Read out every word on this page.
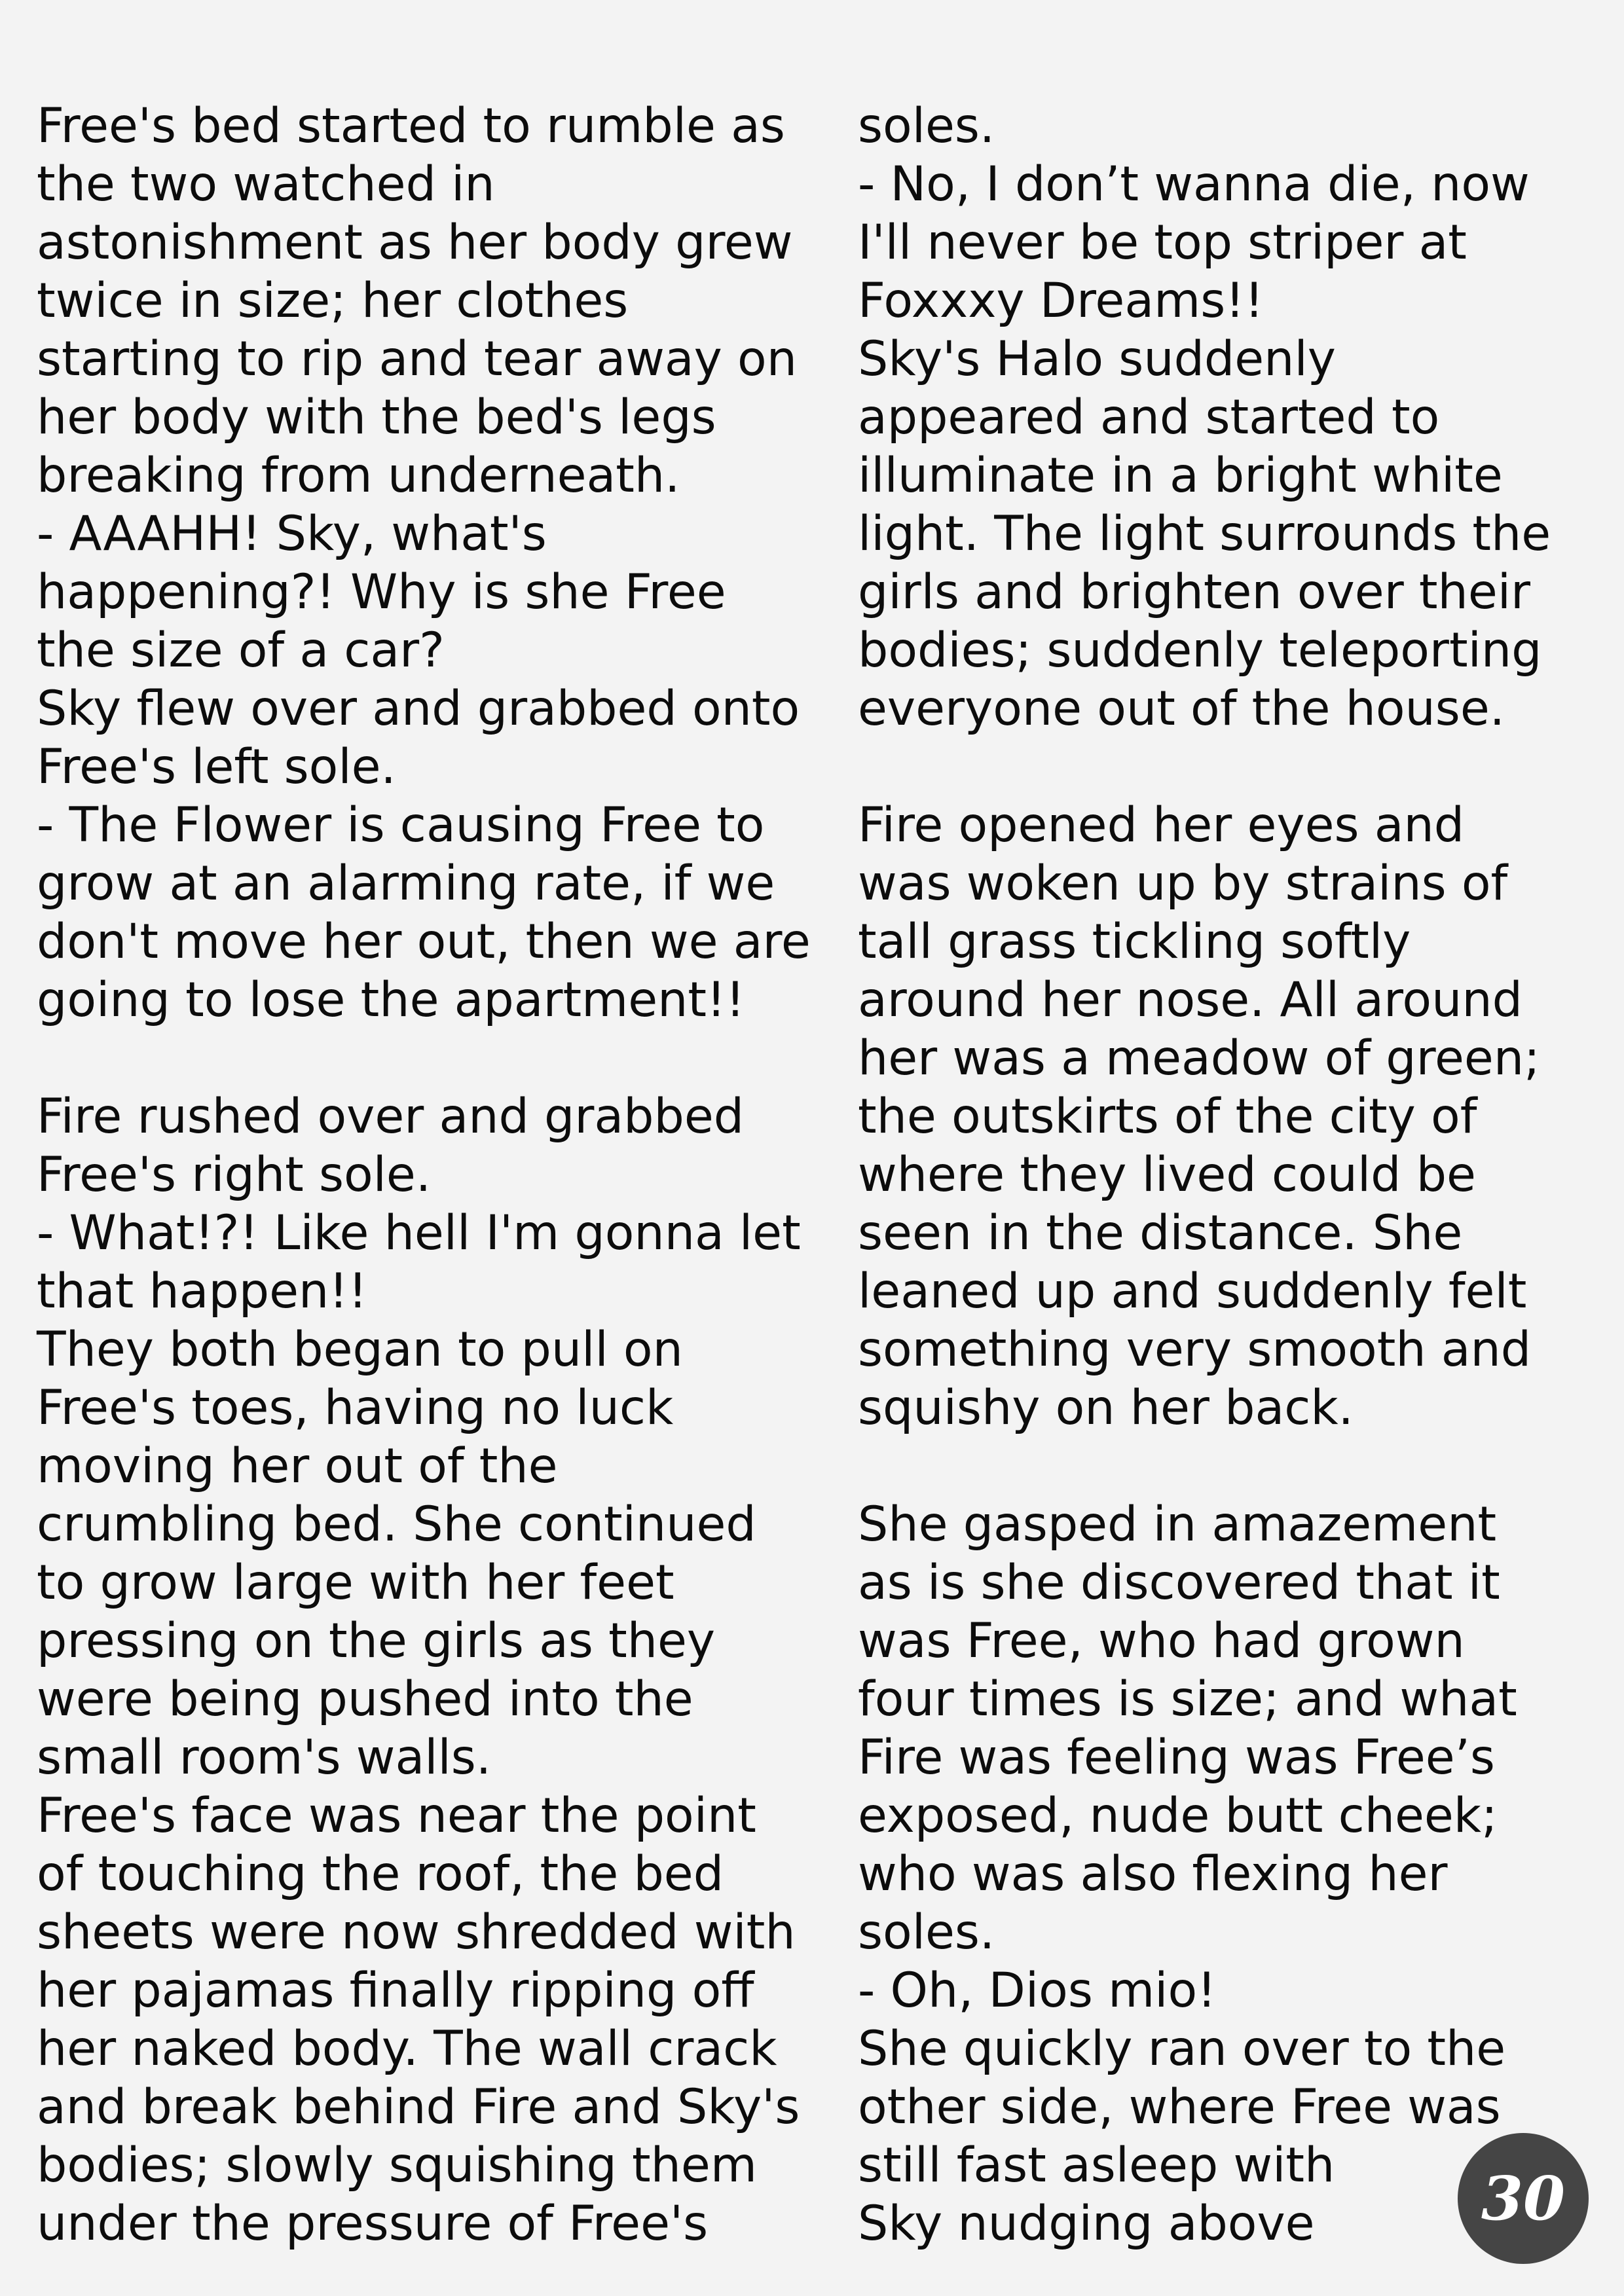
Free's bed started to rumble as
the two watched in
astonishment as her body grew
twice in size; her clothes
starting to rip and tear away on
her body with the bed's legs
breaking from underneath.
- AAAHH! Sky, what's
happening?! Why is she Free
the size of a car?
Sky flew over and grabbed onto
Free's left sole.
- The Flower is causing Free to
grow at an alarming rate, if we
don't move her out, then we are
going to lose the apartment!!
Fire rushed over and grabbed
Free's right sole.
- What!?! Like hell I'm gonna let
that happen!!
They both began to pull on
Free's toes, having no luck
moving her out of the
crumbling bed. She continued
to grow large with her feet
pressing on the girls as they
were being pushed into the
small room's walls.
Free's face was near the point
of touching the roof, the bed
sheets were now shredded with
her pajamas finally ripping off
her naked body. The wall crack
and break behind Fire and Sky's
bodies; slowly squishing them
under the pressure of Free's
soles.
- No, I don’t wanna die, now
I'll never be top striper at
Foxxxy Dreams!!
Sky's Halo suddenly
appeared and started to
illuminate in a bright white
light. The light surrounds the
girls and brighten over their
bodies; suddenly teleporting
everyone out of the house.
Fire opened her eyes and
was woken up by strains of
tall grass tickling softly
around her nose. All around
her was a meadow of green;
the outskirts of the city of
where they lived could be
seen in the distance. She
leaned up and suddenly felt
something very smooth and
squishy on her back.
She gasped in amazement
as is she discovered that it
was Free, who had grown
four times is size; and what
Fire was feeling was Free’s
exposed, nude butt cheek;
who was also flexing her
soles.
- Oh, Dios mio!
She quickly ran over to the
other side, where Free was
still fast asleep with
Sky nudging above	30
